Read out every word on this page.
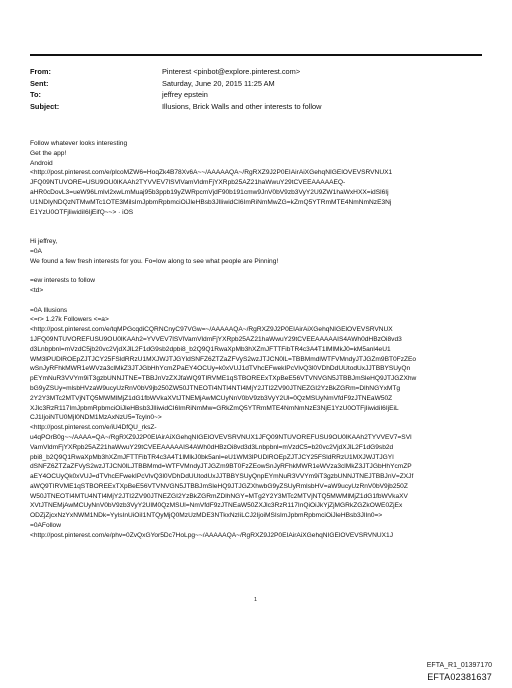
From:	Pinterest <pinbot@explore.pinterest.com>
Sent:	Saturday, June 20, 2015 11:25 AM
To:	jeffrey epstein
Subject:	Illusions, Brick Walls and other interests to follow
Follow whatever looks interesting
Get the app!
Android
<http://post.pinterest.com/e/plcoMZW6=HoqZk4B78Xv6A~~/AAAAAQA~/RgRXZ9J2P0EIAirAiXGehqNIGElOVEVSRVNUX1
JFQ09NTUVORE=USU9OU0lKAAh2TYVVEV7lSVlVamVldmFjYXRpb25AZ21haWwuY29tCVEEAAAAAEQ-
aHR0cDovL3=ueW96Lmlvl2xwLmMuaj95b3ppb19yZWRpcmVjdF90b191cmw9JnV0bV9zb3VyY2U9ZW1haWxHXX=idSl6Ij
U1NDIyNDQzNTMwMTc1OTE3MilsImJpbmRpbmciOiJleHBsb3JlIiwidCI6ImRiNmMwZG=kZmQ5YTRmMTE4NmNmNzE3Nj
E1YzU0OTFjliwidiI6IjEifQ~~> · iOS
Hi jeffrey,
=0A
We found a few fresh interests for you. Fo=low along to see what people are Pinning!
=ew interests to follow
<td>
=0A Illusions
<=r> 1.27k Followers <=a>
<http://post.pinterest.com/e/tqMPGcqdiCQRNCnyC97VGw=~/AAAAAQA~/RgRXZ9J2P0EIAirAiXGehqNIGElOVEVSRVNUX
1JFQ09NTUVOREFUSU9OU0lKAAh2=YVVEV7lSVlVamVldmFjYXRpb25AZ21haWwuY29tCVEEAAAAAIS4AWh0dHBzOi8vd3
d3Lnbpbnl=mVzdC5jb20vc2VjdXJlL2F1dG9sb2dpbi8_b2Q9Q1RwaXpMb3hXZmJFTTFibTR4c3A4T1lMlMkJ0=kM5anl4eU1
WM3lPUDlROEpZJTJCY25FSldRRzU1MXJWJTJGYldSNFZ6ZTZaZFVyS2wzJTJCN0lL=TBBMmdlWTFVMndyJTJGZm9BT0FzZEo
wSnJyRFhkMWR1eWVza3clMkZ3JTJGbHhYcmZPaEY4OCUy=k0xVUJ1dTVhcEFwekIPcVlvQ3l0VDhDdUUtodUxJJTBBYSUyQn
pEYmNuR3VVYm9iT3gzbUNNJTNE=TBBJnVzZXJfaWQ9TIRVME1qSTBOREExTXpBeE56VTVNVGN5JTBBJmSleHQ9JTJGZXhw
bG9yZSUy=mlsbHVzaW9ucyUzRnV0bV9jb250ZW50JTNEOTI4NTI4NTI4MjY2JTI2ZV90JTNEZGI2YzBkZGRm=DlhNGYxMTg
2Y2Y3MTc2MTVjNTQ5MWMlMjZ1dG1fbWVkaXVtJTNEMjAwMCUyNnV0bV9zb3VyY2Ul=0QzMSUyNmVfdF9zJTNEaW50Z
XJlc3RzR117ImJpbmRpbmciOiJleHBsb3JlIiwidCI6ImRiNmMw=GRkZmQ5YTRmMTE4NmNmNzE3NjE1YzU0OTFjIiwidiI6IjEiL
CJ1IjoiNTU0MjI0NDM1MzAxNzU5=Tcyln0~>
<http://post.pinterest.com/e/iU4DfQU_rksZ-
u4qPOrB0g~~/AAAA=QA~/RgRXZ9J2P0EIAirAiXGehqNIGElOVEVSRVNUX1JFQ09NTUVOREFUSU9OU0lKAAh2TYVVEV7=SVl
VamVldmFjYXRpb25AZ21haWwuY29tCVEEAAAAAIS4AWh0dHBzOi8vd3d3Lnbpbnl=mVzdC5=b20vc2VjdXJlL2F1dG9sb2d
pbi8_b2Q9Q1RwaXpMb3hXZmJFTTFibTR4c3A4T1lMlkJ0bk5anl=eU1WM3lPUDlROEpZJTJCY25FSldRRzU1MXJWJTJGYl
dSNFZ6ZTZaZFVyS2wzJTJCN0lLJTBBMmd=WTFVMndyJTJGZm9BT0FzZEowSnJyRFhkMWR1eWVza3clMkZ3JTJGbHhYcmZP
aEY4OCUyQk0xVUJ=dTVhcEFwekIPcVlvQ3l0VDhDdUUtodUxJJTBBYSUyQnpEYmNuR3VVYm9iT3gzbUNNJTNEJTBBJnV=ZXJf
aWQ9TIRVME1qSTBOREExTXpBeE56VTVNVGN5JTBBJmSleHQ9JTJGZXhwbG9yZSUyRmlsbHV=aW9ucyUzRnV0bV9jb250Z
W50JTNEOTI4MTU4NTI4MjY2JTI2ZV90JTNEZGI2YzBkZGRmZDlhNGY=MTg2Y2Y3MTc2MTVjNTQ5MWMlMjZ1dG1fbWVkaXV
XVtJTNEMjAwMCUyNnV0bV9zb3VyY2UlM0QzMSUl=NmVfdF9zJTNEaW50ZXJlc3RzR117InQiOiJkYjZjMGRkZGZkOWE0ZjEx
ODZjZjcxNzYxNWM1NDk=YylsInUiOiI1NTQyMjQ0MzUzMDE3NTkxNzIiLCJ2IjoiMSIsImJpbmRpbmciOiJleHBsb3JlIn0=>
=0AFollow
<http://post.pinterest.com/e/phv=0ZvQxGYor5Dc7HoLpg~~/AAAAAQA~/RgRXZ9J2P0EIAirAiXGehqNIGElOVEVSRVNUX1J
1
EFTA_R1_01397170
EFTA02381637
